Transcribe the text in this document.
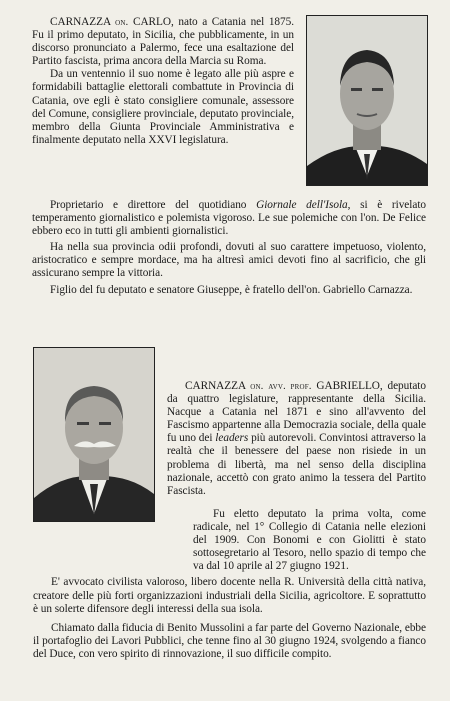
CARNAZZA on. CARLO, nato a Catania nel 1875. Fu il primo deputato, in Sicilia, che pubblicamente, in un discorso pronunciato a Palermo, fece una esaltazione del Partito fascista, prima ancora della Marcia su Roma.

Da un ventennio il suo nome è legato alle più aspre e formidabili battaglie elettorali combattute in Provincia di Catania, ove egli è stato consigliere comunale, assessore del Comune, consigliere provinciale, deputato provinciale, membro della Giunta Provinciale Amministrativa e finalmente deputato nella XXVI legislatura.

Proprietario e direttore del quotidiano Giornale dell'Isola, si è rivelato temperamento giornalistico e polemista vigoroso. Le sue polemiche con l'on. De Felice ebbero eco in tutti gli ambienti giornalistici.

Ha nella sua provincia odii profondi, dovuti al suo carattere impetuoso, violento, aristocratico e sempre mordace, ma ha altresì amici devoti fino al sacrificio, che gli assicurano sempre la vittoria.

Figlio del fu deputato e senatore Giuseppe, è fratello dell'on. Gabriello Carnazza.

CARNAZZA on. avv. prof. GABRIELLO, deputato da quattro legislature, rappresentante della Sicilia. Nacque a Catania nel 1871 e sino all'avvento del Fascismo appartenne alla Democrazia sociale, della quale fu uno dei leaders più autorevoli. Convintosi attraverso la realtà che il benessere del paese non risiede in un problema di libertà, ma nel senso della disciplina nazionale, accettò con grato animo la tessera del Partito Fascista.

Fu eletto deputato la prima volta, come radicale, nel 1° Collegio di Catania nelle elezioni del 1909. Con Bonomi e con Giolitti è stato sottosegretario al Tesoro, nello spazio di tempo che va dal 10 aprile al 27 giugno 1921.

E' avvocato civilista valoroso, libero docente nella R. Università della città nativa, creatore delle più forti organizzazioni industriali della Sicilia, agricoltore. E soprattutto è un solerte difensore degli interessi della sua isola.

Chiamato dalla fiducia di Benito Mussolini a far parte del Governo Nazionale, ebbe il portafoglio dei Lavori Pubblici, che tenne fino al 30 giugno 1924, svolgendo a fianco del Duce, con vero spirito di rinnovazione, il suo difficile compito.
